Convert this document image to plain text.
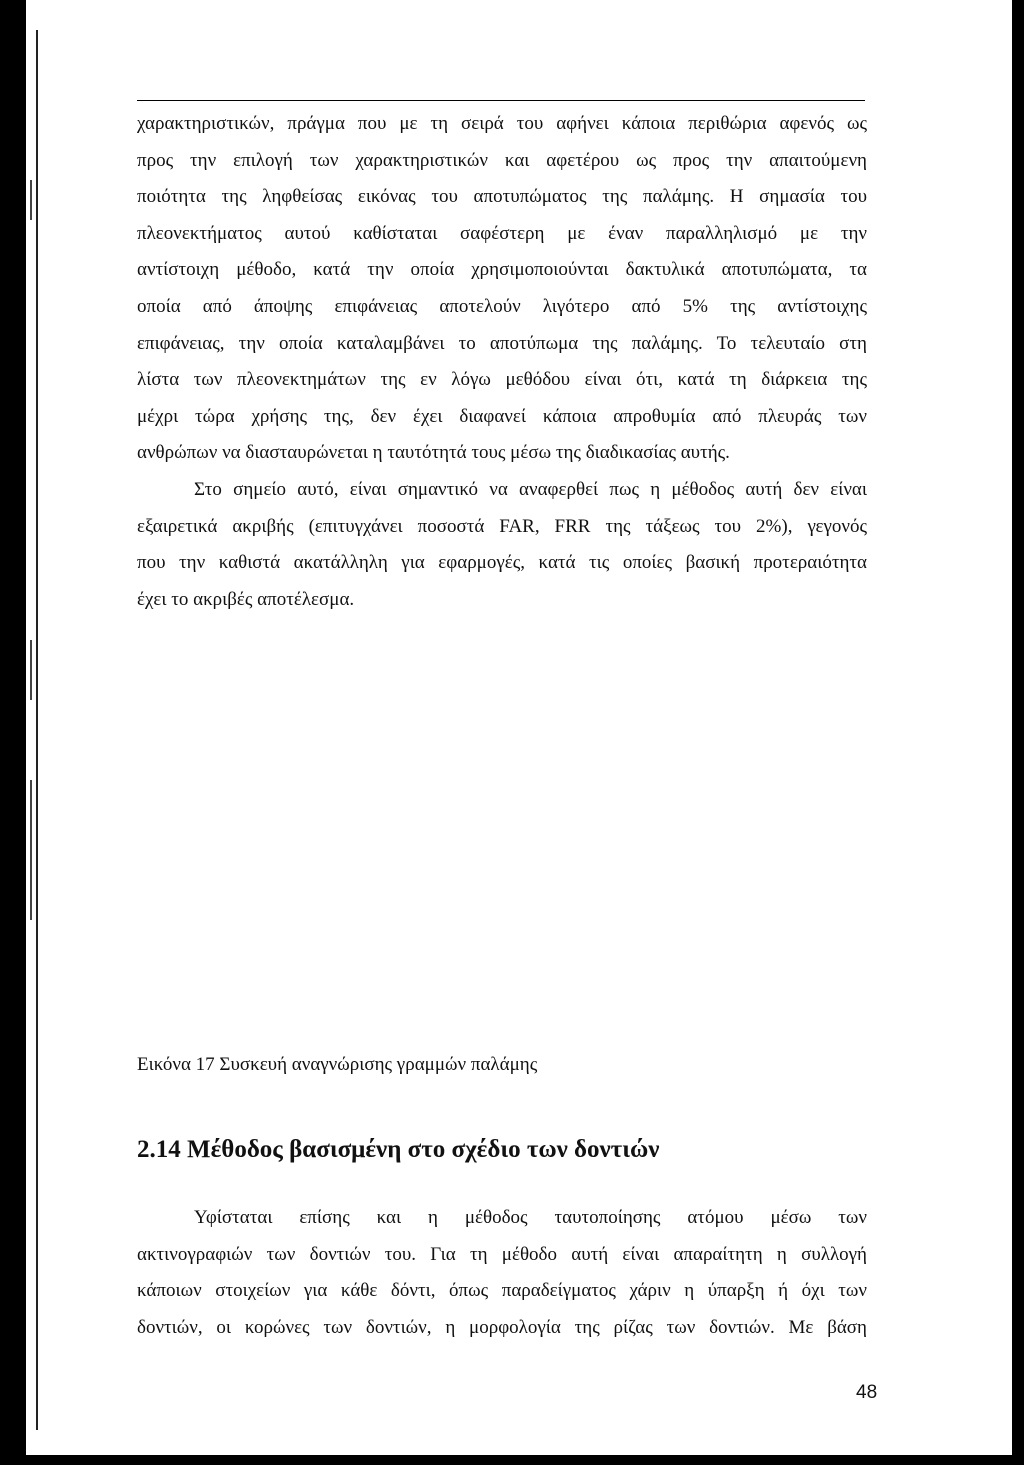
χαρακτηριστικών, πράγμα που με τη σειρά του αφήνει κάποια περιθώρια αφενός ως
προς την επιλογή των χαρακτηριστικών και αφετέρου ως προς την απαιτούμενη
ποιότητα της ληφθείσας εικόνας του αποτυπώματος της παλάμης. Η σημασία του
πλεονεκτήματος αυτού καθίσταται σαφέστερη με έναν παραλληλισμό με την
αντίστοιχη μέθοδο, κατά την οποία χρησιμοποιούνται δακτυλικά αποτυπώματα, τα
οποία από άποψης επιφάνειας αποτελούν λιγότερο από 5% της αντίστοιχης
επιφάνειας, την οποία καταλαμβάνει το αποτύπωμα της παλάμης. Το τελευταίο στη
λίστα των πλεονεκτημάτων της εν λόγω μεθόδου είναι ότι, κατά τη διάρκεια της
μέχρι τώρα χρήσης της, δεν έχει διαφανεί κάποια απροθυμία από πλευράς των
ανθρώπων να διασταυρώνεται η ταυτότητά τους μέσω της διαδικασίας αυτής.
Στο σημείο αυτό, είναι σημαντικό να αναφερθεί πως η μέθοδος αυτή δεν είναι
εξαιρετικά ακριβής (επιτυγχάνει ποσοστά FAR, FRR της τάξεως του 2%), γεγονός
που την καθιστά ακατάλληλη για εφαρμογές, κατά τις οποίες βασική προτεραιότητα
έχει το ακριβές αποτέλεσμα.
Εικόνα 17 Συσκευή αναγνώρισης γραμμών παλάμης
2.14 Μέθοδος βασισμένη στο σχέδιο των δοντιών
Υφίσταται επίσης και η μέθοδος ταυτοποίησης ατόμου μέσω των
ακτινογραφιών των δοντιών του. Για τη μέθοδο αυτή είναι απαραίτητη η συλλογή
κάποιων στοιχείων για κάθε δόντι, όπως παραδείγματος χάριν η ύπαρξη ή όχι των
δοντιών, οι κορώνες των δοντιών, η μορφολογία της ρίζας των δοντιών. Με βάση
48
